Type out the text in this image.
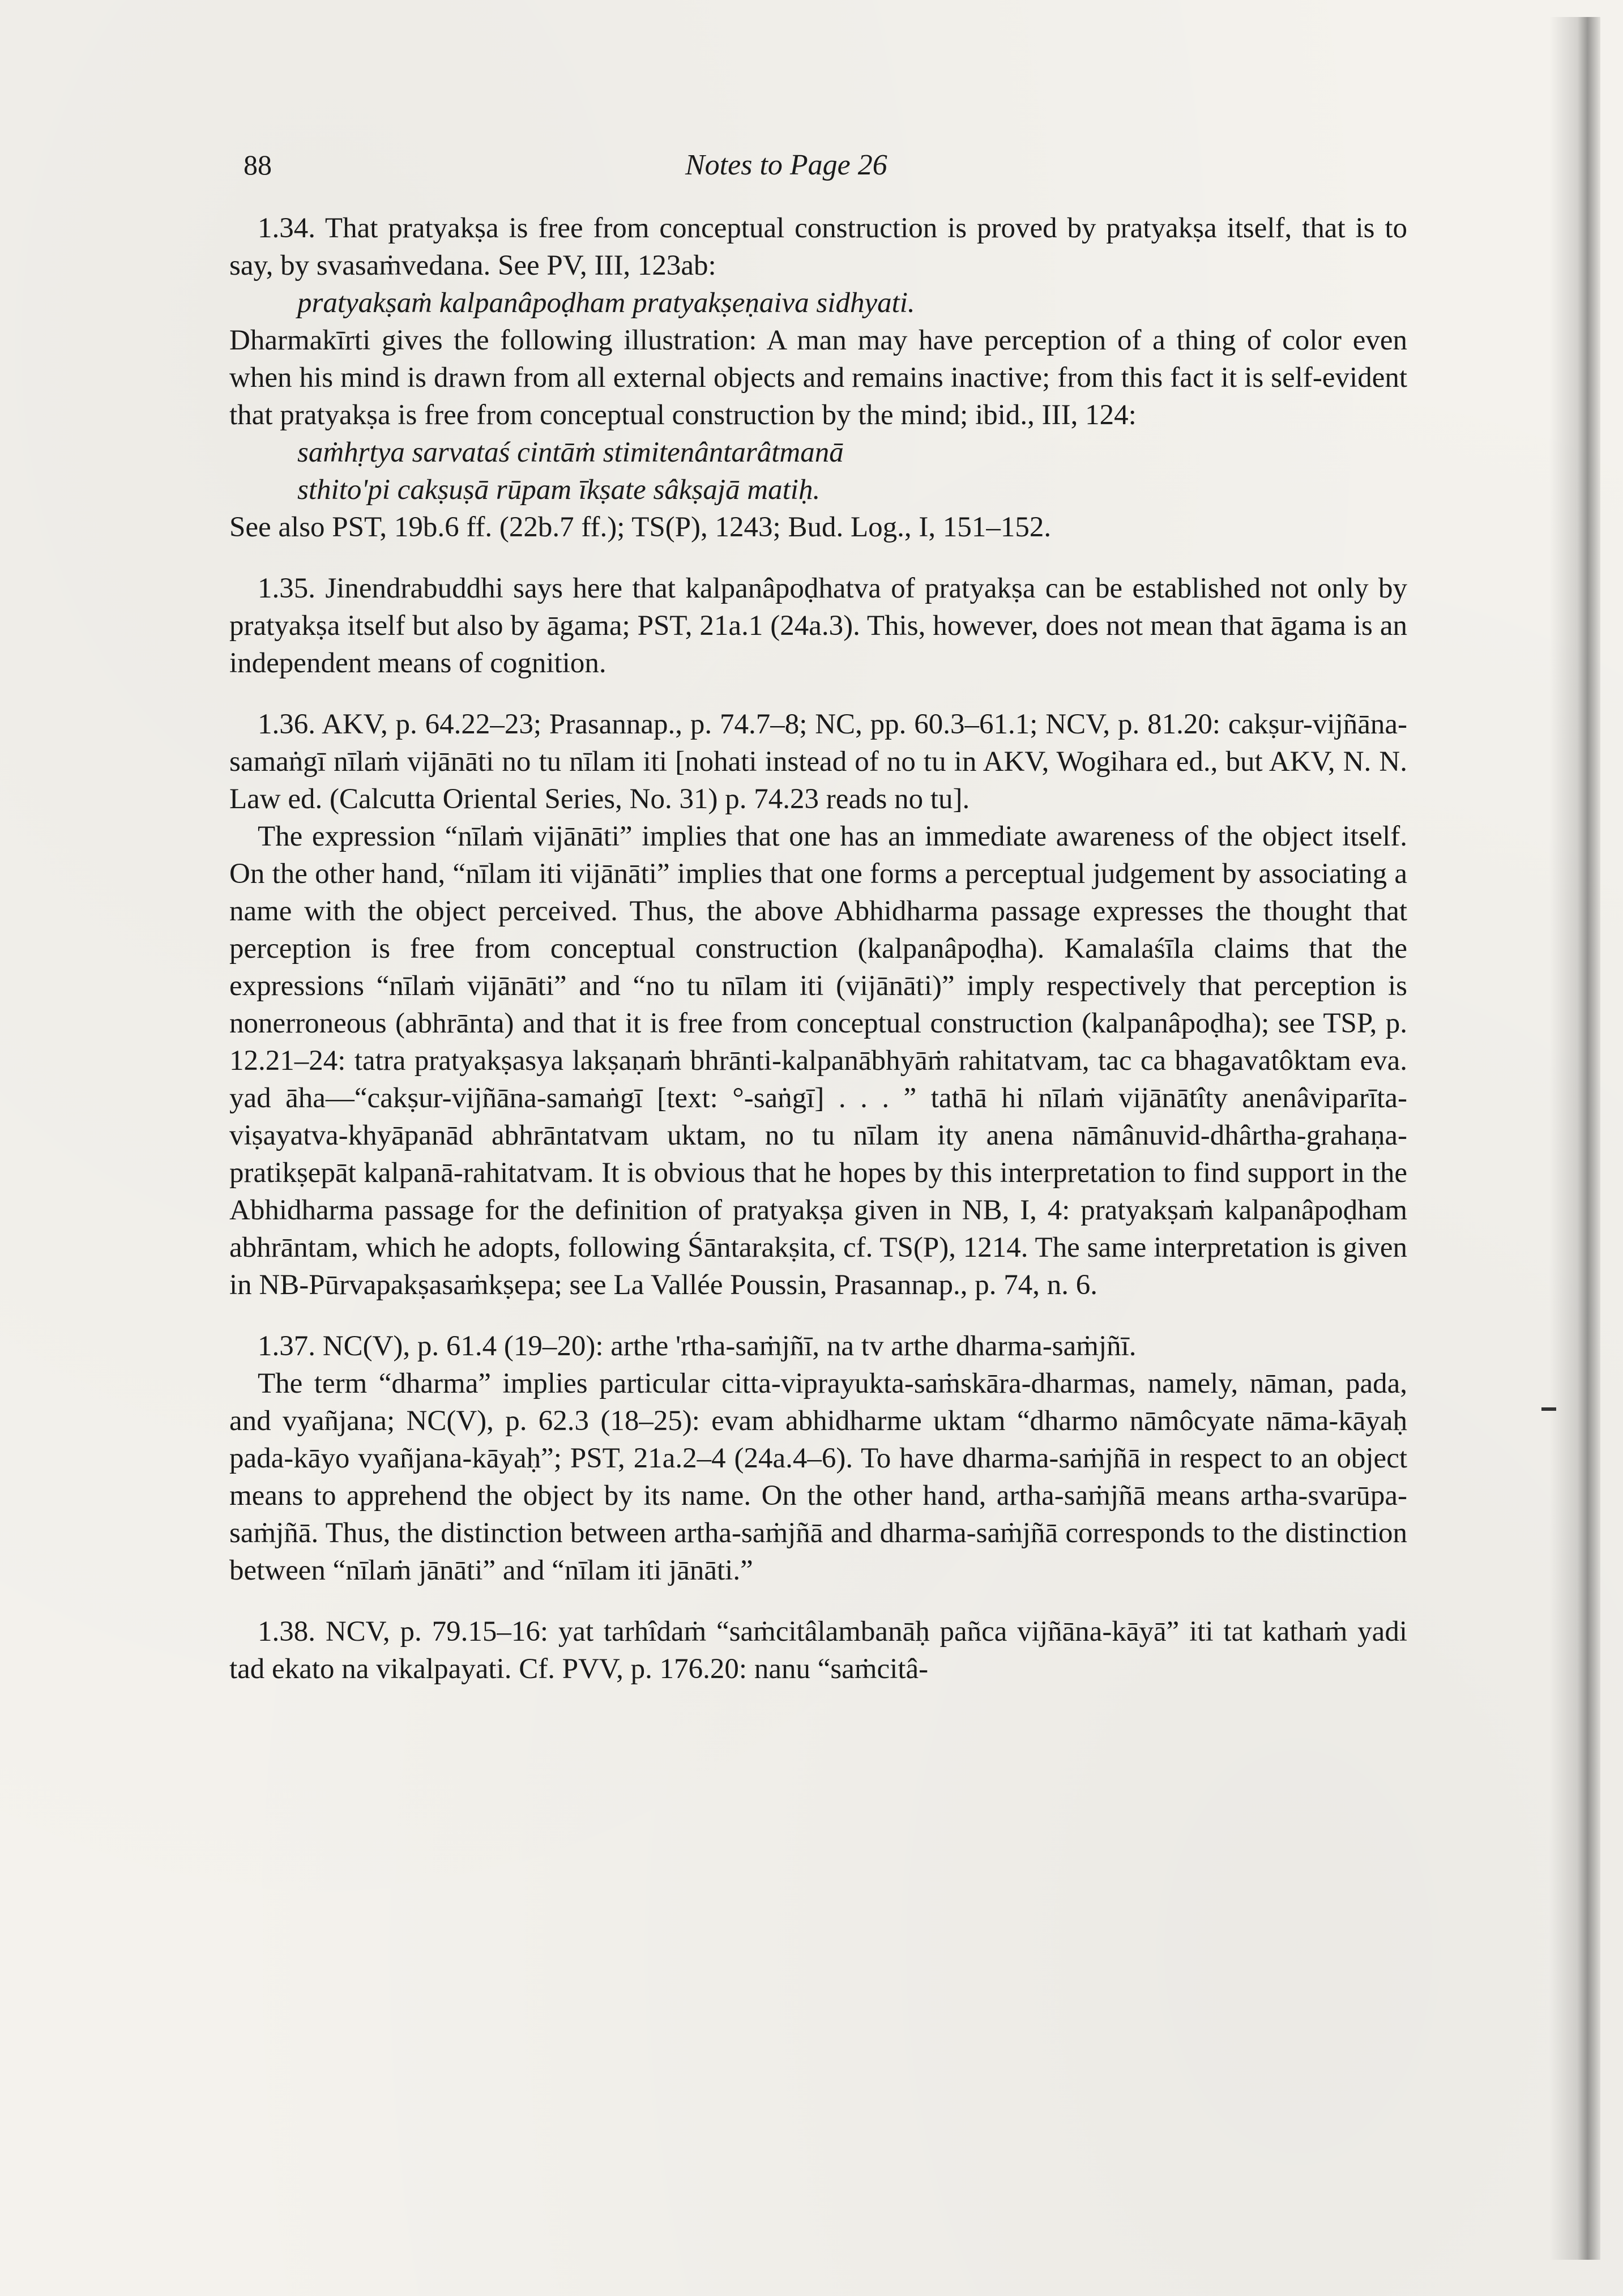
88	Notes to Page 26

1.34. That pratyakṣa is free from conceptual construction is proved by pratyakṣa itself, that is to say, by svasaṁvedana. See PV, III, 123ab:

pratyakṣaṁ kalpanâpoḍham pratyakṣeṇaiva sidhyati.

Dharmakīrti gives the following illustration: A man may have perception of a thing of color even when his mind is drawn from all external objects and remains inactive; from this fact it is self-evident that pratyakṣa is free from conceptual construction by the mind; ibid., III, 124:

saṁhṛtya sarvataś cintāṁ stimitenântarâtmanā
sthito'pi cakṣuṣā rūpam īkṣate sâkṣajā matiḥ.

See also PST, 19b.6 ff. (22b.7 ff.); TS(P), 1243; Bud. Log., I, 151–152.

1.35. Jinendrabuddhi says here that kalpanâpoḍhatva of pratyakṣa can be established not only by pratyakṣa itself but also by āgama; PST, 21a.1 (24a.3). This, however, does not mean that āgama is an independent means of cognition.

1.36. AKV, p. 64.22–23; Prasannap., p. 74.7–8; NC, pp. 60.3–61.1; NCV, p. 81.20: cakṣur-vijñāna-samaṅgī nīlaṁ vijānāti no tu nīlam iti [nohati instead of no tu in AKV, Wogihara ed., but AKV, N. N. Law ed. (Calcutta Oriental Series, No. 31) p. 74.23 reads no tu].

The expression “nīlaṁ vijānāti” implies that one has an immediate awareness of the object itself. On the other hand, “nīlam iti vijānāti” implies that one forms a perceptual judgement by associating a name with the object perceived. Thus, the above Abhidharma passage expresses the thought that perception is free from conceptual construction (kalpanâpoḍha). Kamalaśīla claims that the expressions “nīlaṁ vijānāti” and “no tu nīlam iti (vijānāti)” imply respectively that perception is nonerroneous (abhrānta) and that it is free from conceptual construction (kalpanâpoḍha); see TSP, p. 12.21–24: tatra pratyakṣasya lakṣaṇaṁ bhrānti-kalpanābhyāṁ rahitatvam, tac ca bhagavatôktam eva. yad āha—“cakṣur-vijñāna-samaṅgī [text: °-saṅgī] . . . ” tathā hi nīlaṁ vijānātîty anenâviparīta-viṣayatva-khyāpanād abhrāntatvam uktam, no tu nīlam ity anena nāmânuvid-dhârtha-grahaṇa-pratikṣepāt kalpanā-rahitatvam. It is obvious that he hopes by this interpretation to find support in the Abhidharma passage for the definition of pratyakṣa given in NB, I, 4: pratyakṣaṁ kalpanâpoḍham abhrāntam, which he adopts, following Śāntarakṣita, cf. TS(P), 1214. The same interpretation is given in NB-Pūrvapakṣasaṁkṣepa; see La Vallée Poussin, Prasannap., p. 74, n. 6.

1.37. NC(V), p. 61.4 (19–20): arthe 'rtha-saṁjñī, na tv arthe dharma-saṁjñī.

The term “dharma” implies particular citta-viprayukta-saṁskāra-dharmas, namely, nāman, pada, and vyañjana; NC(V), p. 62.3 (18–25): evam abhidharme uktam “dharmo nāmôcyate nāma-kāyaḥ pada-kāyo vyañjana-kāyaḥ”; PST, 21a.2–4 (24a.4–6). To have dharma-saṁjñā in respect to an object means to apprehend the object by its name. On the other hand, artha-saṁjñā means artha-svarūpa-saṁjñā. Thus, the distinction between artha-saṁjñā and dharma-saṁjñā corresponds to the distinction between “nīlaṁ jānāti” and “nīlam iti jānāti.”

1.38. NCV, p. 79.15–16: yat tarhîdaṁ “saṁcitâlambanāḥ pañca vijñāna-kāyā” iti tat kathaṁ yadi tad ekato na vikalpayati. Cf. PVV, p. 176.20: nanu “saṁcitâ-
